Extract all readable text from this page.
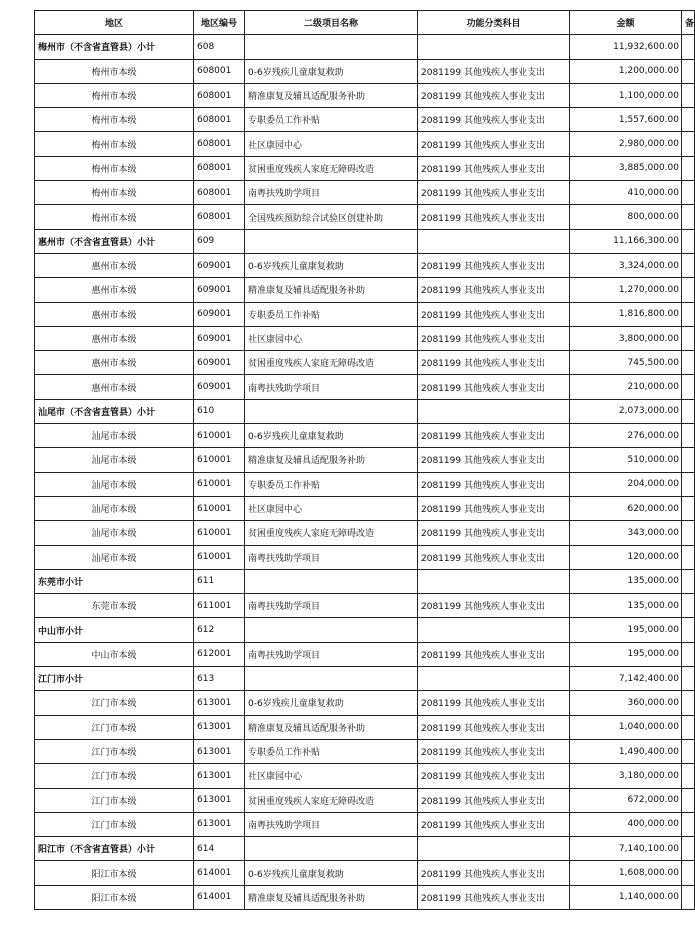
地区	地区编号	二级项目名称	功能分类科目	金额	备
梅州市（不含省直管县）小计	608			11,932,600.00	
梅州市本级	608001	0-6岁残疾儿童康复救助	2081199 其他残疾人事业支出	1,200,000.00	
梅州市本级	608001	精准康复及辅具适配服务补助	2081199 其他残疾人事业支出	1,100,000.00	
梅州市本级	608001	专职委员工作补贴	2081199 其他残疾人事业支出	1,557,600.00	
梅州市本级	608001	社区康园中心	2081199 其他残疾人事业支出	2,980,000.00	
梅州市本级	608001	贫困重度残疾人家庭无障碍改造	2081199 其他残疾人事业支出	3,885,000.00	
梅州市本级	608001	南粤扶残助学项目	2081199 其他残疾人事业支出	410,000.00	
梅州市本级	608001	全国残疾预防综合试验区创建补助	2081199 其他残疾人事业支出	800,000.00	
惠州市（不含省直管县）小计	609			11,166,300.00	
惠州市本级	609001	0-6岁残疾儿童康复救助	2081199 其他残疾人事业支出	3,324,000.00	
惠州市本级	609001	精准康复及辅具适配服务补助	2081199 其他残疾人事业支出	1,270,000.00	
惠州市本级	609001	专职委员工作补贴	2081199 其他残疾人事业支出	1,816,800.00	
惠州市本级	609001	社区康园中心	2081199 其他残疾人事业支出	3,800,000.00	
惠州市本级	609001	贫困重度残疾人家庭无障碍改造	2081199 其他残疾人事业支出	745,500.00	
惠州市本级	609001	南粤扶残助学项目	2081199 其他残疾人事业支出	210,000.00	
汕尾市（不含省直管县）小计	610			2,073,000.00	
汕尾市本级	610001	0-6岁残疾儿童康复救助	2081199 其他残疾人事业支出	276,000.00	
汕尾市本级	610001	精准康复及辅具适配服务补助	2081199 其他残疾人事业支出	510,000.00	
汕尾市本级	610001	专职委员工作补贴	2081199 其他残疾人事业支出	204,000.00	
汕尾市本级	610001	社区康园中心	2081199 其他残疾人事业支出	620,000.00	
汕尾市本级	610001	贫困重度残疾人家庭无障碍改造	2081199 其他残疾人事业支出	343,000.00	
汕尾市本级	610001	南粤扶残助学项目	2081199 其他残疾人事业支出	120,000.00	
东莞市小计	611			135,000.00	
东莞市本级	611001	南粤扶残助学项目	2081199 其他残疾人事业支出	135,000.00	
中山市小计	612			195,000.00	
中山市本级	612001	南粤扶残助学项目	2081199 其他残疾人事业支出	195,000.00	
江门市小计	613			7,142,400.00	
江门市本级	613001	0-6岁残疾儿童康复救助	2081199 其他残疾人事业支出	360,000.00	
江门市本级	613001	精准康复及辅具适配服务补助	2081199 其他残疾人事业支出	1,040,000.00	
江门市本级	613001	专职委员工作补贴	2081199 其他残疾人事业支出	1,490,400.00	
江门市本级	613001	社区康园中心	2081199 其他残疾人事业支出	3,180,000.00	
江门市本级	613001	贫困重度残疾人家庭无障碍改造	2081199 其他残疾人事业支出	672,000.00	
江门市本级	613001	南粤扶残助学项目	2081199 其他残疾人事业支出	400,000.00	
阳江市（不含省直管县）小计	614			7,140,100.00	
阳江市本级	614001	0-6岁残疾儿童康复救助	2081199 其他残疾人事业支出	1,608,000.00	
阳江市本级	614001	精准康复及辅具适配服务补助	2081199 其他残疾人事业支出	1,140,000.00	
